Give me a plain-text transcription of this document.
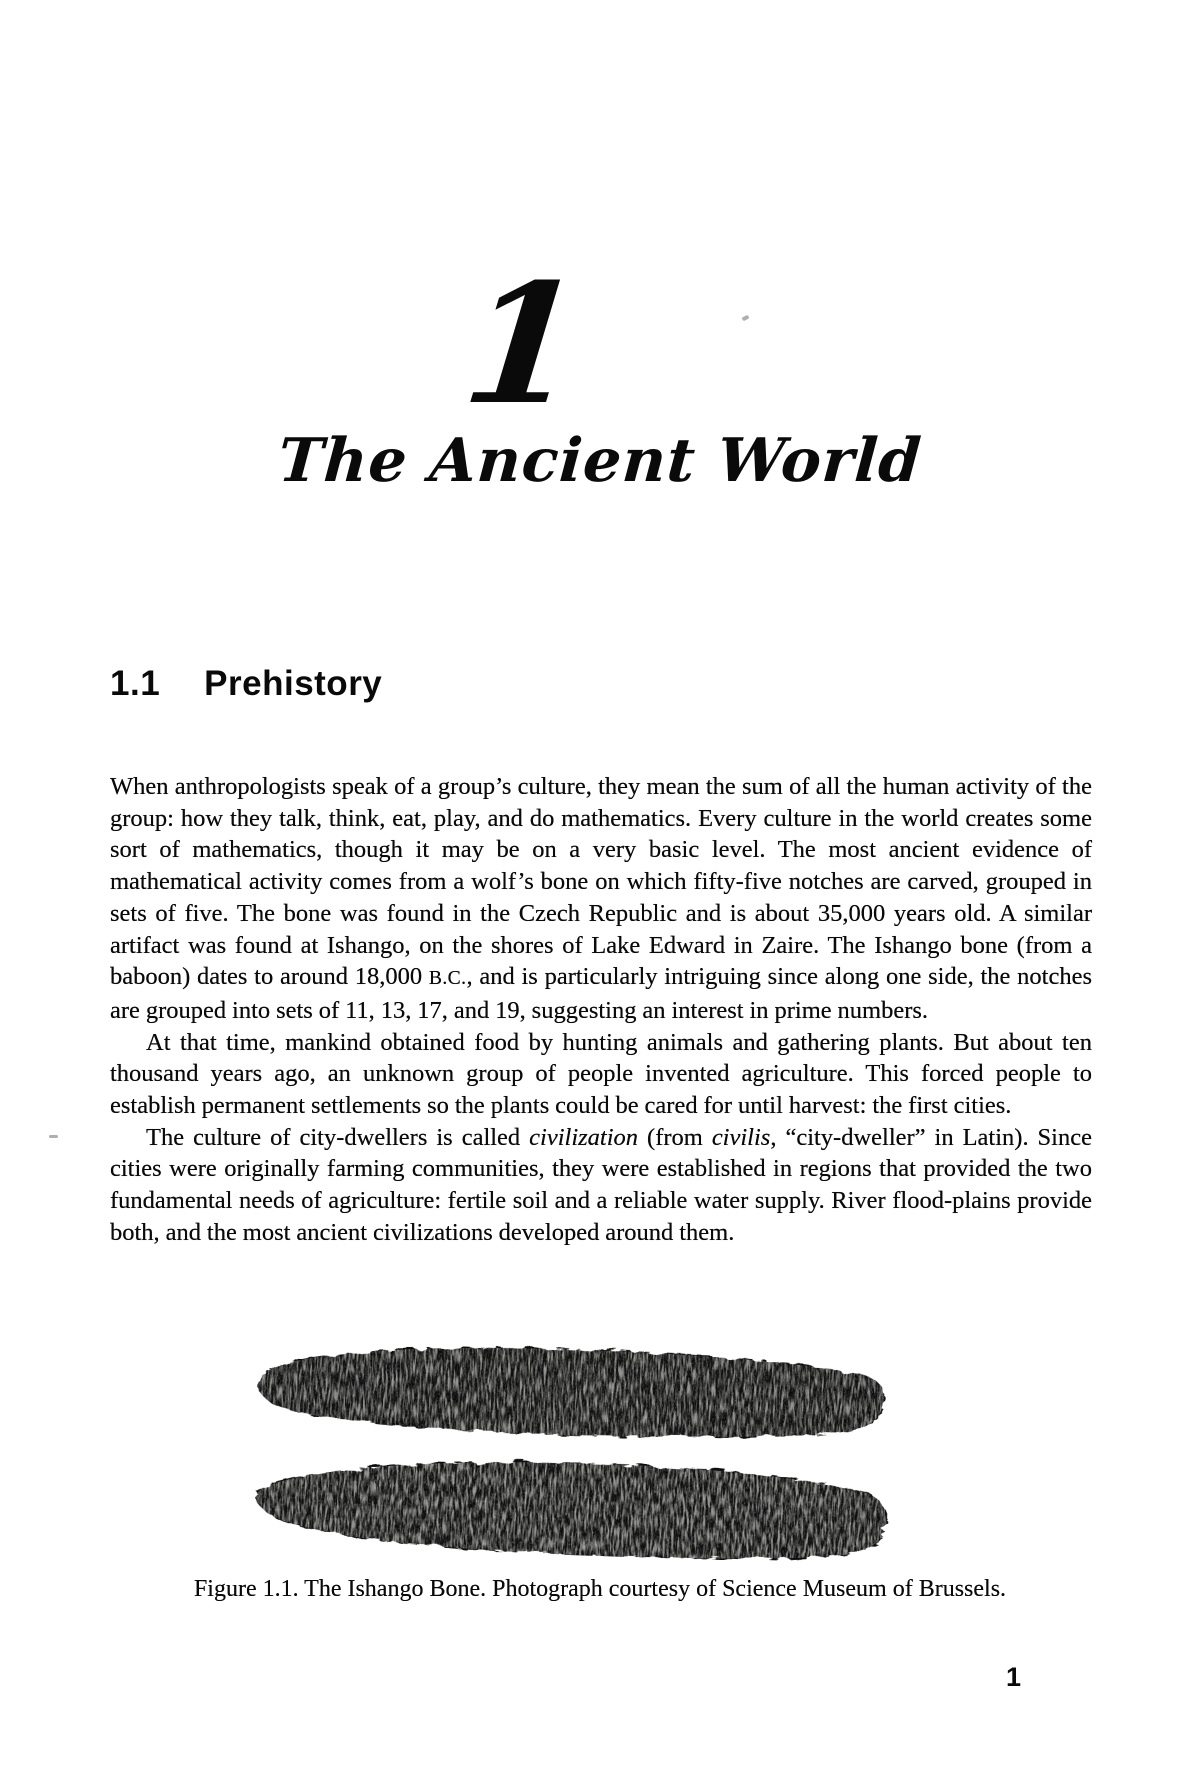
1
The Ancient World
1.1 Prehistory

When anthropologists speak of a group’s culture, they mean the sum of all the human activity of the group: how they talk, think, eat, play, and do mathematics. Every culture in the world creates some sort of mathematics, though it may be on a very basic level. The most ancient evidence of mathematical activity comes from a wolf’s bone on which fifty-five notches are carved, grouped in sets of five. The bone was found in the Czech Republic and is about 35,000 years old. A similar artifact was found at Ishango, on the shores of Lake Edward in Zaire. The Ishango bone (from a baboon) dates to around 18,000 B.C., and is particularly intriguing since along one side, the notches are grouped into sets of 11, 13, 17, and 19, suggesting an interest in prime numbers.

At that time, mankind obtained food by hunting animals and gathering plants. But about ten thousand years ago, an unknown group of people invented agriculture. This forced people to establish permanent settlements so the plants could be cared for until harvest: the first cities.

The culture of city-dwellers is called civilization (from civilis, “city-dweller” in Latin). Since cities were originally farming communities, they were established in regions that provided the two fundamental needs of agriculture: fertile soil and a reliable water supply. River flood-plains provide both, and the most ancient civilizations developed around them.

Figure 1.1. The Ishango Bone. Photograph courtesy of Science Museum of Brussels.
1
